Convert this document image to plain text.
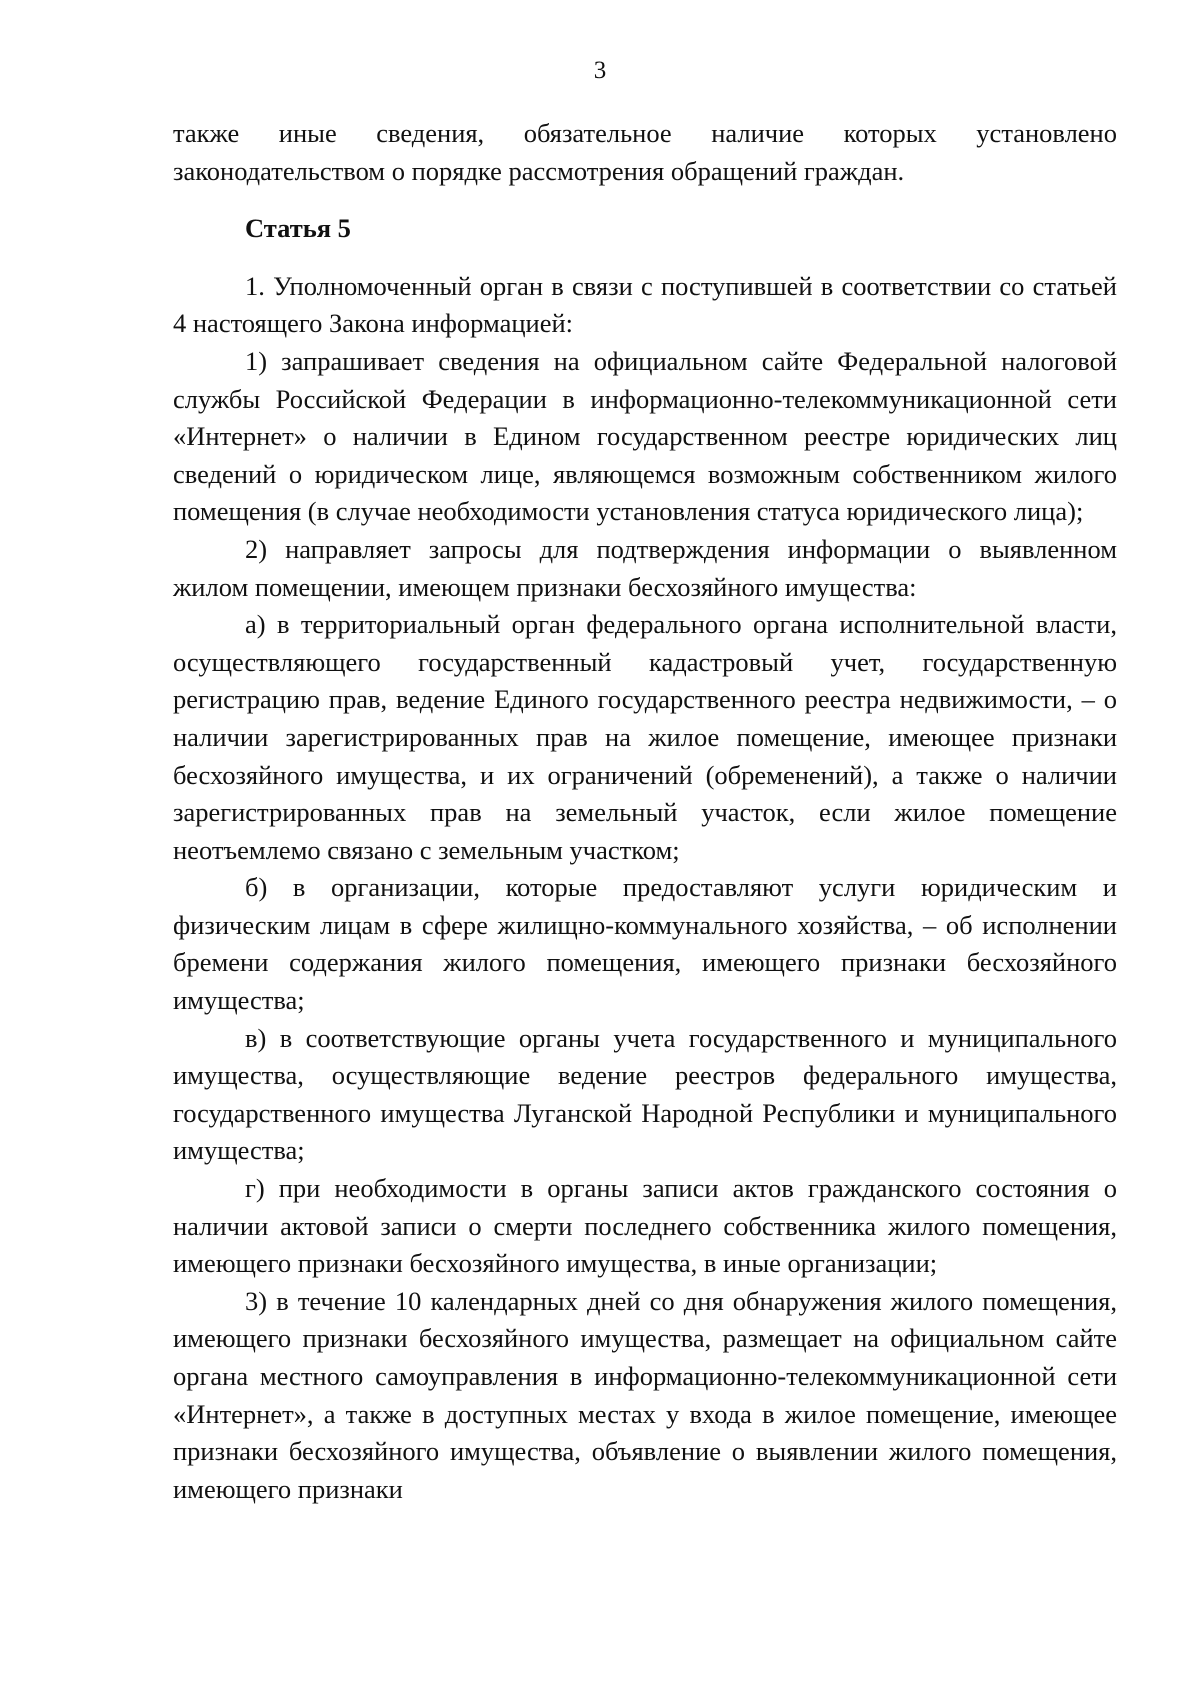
3

также иные сведения, обязательное наличие которых установлено законодательством о порядке рассмотрения обращений граждан.

Статья 5

1. Уполномоченный орган в связи с поступившей в соответствии со статьей 4 настоящего Закона информацией:

1) запрашивает сведения на официальном сайте Федеральной налоговой службы Российской Федерации в информационно-телекоммуникационной сети «Интернет» о наличии в Едином государственном реестре юридических лиц сведений о юридическом лице, являющемся возможным собственником жилого помещения (в случае необходимости установления статуса юридического лица);

2) направляет запросы для подтверждения информации о выявленном жилом помещении, имеющем признаки бесхозяйного имущества:

а) в территориальный орган федерального органа исполнительной власти, осуществляющего государственный кадастровый учет, государственную регистрацию прав, ведение Единого государственного реестра недвижимости, – о наличии зарегистрированных прав на жилое помещение, имеющее признаки бесхозяйного имущества, и их ограничений (обременений), а также о наличии зарегистрированных прав на земельный участок, если жилое помещение неотъемлемо связано с земельным участком;

б) в организации, которые предоставляют услуги юридическим и физическим лицам в сфере жилищно-коммунального хозяйства, – об исполнении бремени содержания жилого помещения, имеющего признаки бесхозяйного имущества;

в) в соответствующие органы учета государственного и муниципального имущества, осуществляющие ведение реестров федерального имущества, государственного имущества Луганской Народной Республики и муниципального имущества;

г) при необходимости в органы записи актов гражданского состояния о наличии актовой записи о смерти последнего собственника жилого помещения, имеющего признаки бесхозяйного имущества, в иные организации;

3) в течение 10 календарных дней со дня обнаружения жилого помещения, имеющего признаки бесхозяйного имущества, размещает на официальном сайте органа местного самоуправления в информационно-телекоммуникационной сети «Интернет», а также в доступных местах у входа в жилое помещение, имеющее признаки бесхозяйного имущества, объявление о выявлении жилого помещения, имеющего признаки
